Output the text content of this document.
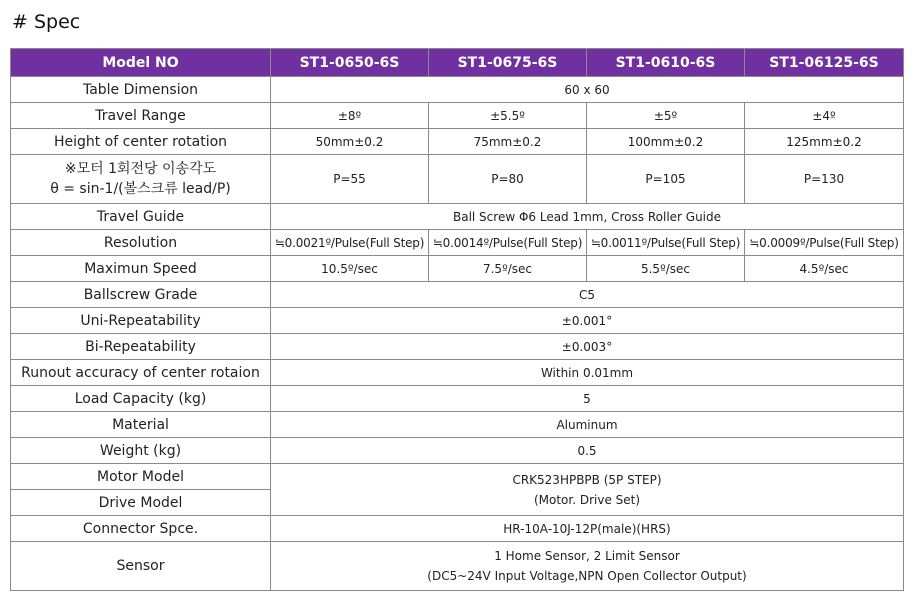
# Spec
Model NO	ST1-0650-6S	ST1-0675-6S	ST1-0610-6S	ST1-06125-6S
Table Dimension	60 x 60			
Travel Range	±8º	±5.5º	±5º	±4º
Height of center rotation	50mm±0.2	75mm±0.2	100mm±0.2	125mm±0.2

※모터 1회전당 이송각도
θ = sin-1/(볼스크류 lead/P)	P=55	P=80	P=105	P=130
Travel Guide	Ball Screw Φ6 Lead 1mm, Cross Roller Guide			
Resolution	≒0.0021º/Pulse(Full Step)	≒0.0014º/Pulse(Full Step)	≒0.0011º/Pulse(Full Step)	≒0.0009º/Pulse(Full Step)
Maximun Speed	10.5º/sec	7.5º/sec	5.5º/sec	4.5º/sec
Ballscrew Grade	C5			
Uni-Repeatability	±0.001°			
Bi-Repeatability	±0.003°			
Runout accuracy of center rotaion	Within 0.01mm			
Load Capacity (kg)	5			
Material	Aluminum			
Weight (kg)	0.5			
Motor Model	CRK523HPBPB (5P STEP)
(Motor. Drive Set)			

Drive Model				
Connector Spce.	HR-10A-10J-12P(male)(HRS)			
Sensor	1 Home Sensor, 2 Limit Sensor
(DC5~24V Input Voltage,NPN Open Collector Output)			
